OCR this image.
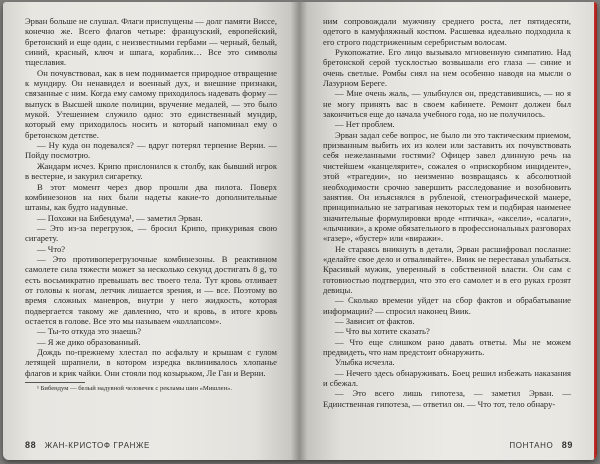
Эрван больше не слушал. Флаги приспущены — долг памяти Виссе, конечно же. Всего флагов четыре: французский, европейский, бретонский и еще один, с неизвестными гербами — черный, белый, синий, красный, ключ и шпага, кораблик… Все это символы тщеславия.

Он почувствовал, как в нем поднимается природное отвращение к мундиру. Он ненавидел и военный дух, и внешние признаки, связанные с ним. Когда ему самому приходилось надевать форму — выпуск в Высшей школе полиции, вручение медалей, — это было мукой. Утешением служило одно: это единственный мундир, который ему приходилось носить и который напоминал ему о бретонском детстве.

— Ну куда он подевался? — вдруг потерял терпение Верни. — Пойду посмотрю.

Жандарм исчез. Крипо прислонился к столбу, как бывший игрок в вестерне, и закурил сигаретку.

В этот момент через двор прошли два пилота. Поверх комбинезонов на них были надеты какие-то дополнительные штаны, как будто надувные.

— Похожи на Бибендума¹, — заметил Эрван.

— Это из-за перегрузок, — бросил Крипо, прикуривая свою сигарету.

— Что?

— Это противоперегрузочные комбинезоны. В реактивном самолете сила тяжести может за несколько секунд достигать 8 g, то есть восьмикратно превышать вес твоего тела. Тут кровь отливает от головы к ногам, летчик лишается зрения, и — все. Поэтому во время сложных маневров, внутри у него жидкость, которая подвергается такому же давлению, что и кровь, в итоге кровь остается в голове. Все это мы называем «коллапсом».

— Ты-то откуда это знаешь?

— Я же дико образованный.

Дождь по-прежнему хлестал по асфальту и крышам с гулом летящей шрапнели, в котором изредка вклинивалось хлопанье флагов и крик чайки. Они стояли под козырьком, Ле Ган и Верни.

¹ Бибендум — белый надувной человечек с рекламы шин «Мишлен».

88 ЖАН-КРИСТОФ ГРАНЖЕ

ним сопровождали мужчину среднего роста, лет пятидесяти, одетого в камуфляжный костюм. Расшевка идеально подходила к его строго подстриженным серебристым волосам.

Рукопожатие. Его лицо вызывало мгновенную симпатию. Над бретонской серой тусклостью возвышали его глаза — синие и очень светлые. Ромбы сиял на нем особенно наводя на мысли о Лазурном Береге.

— Мне очень жаль, — улыбнулся он, представившись, — но я не могу принять вас в своем кабинете. Ремонт должен был закончиться еще до начала учебного года, но не получилось.

— Нет проблем.

Эрван задал себе вопрос, не было ли это тактическим приемом, призванным выбить их из колеи или заставить их почувствовать себя нежеланными гостями? Офицер завел длинную речь на чистейшем «канцелярите», сожалея о «прискорбном инциденте», этой «трагедии», но неизменно возвращаясь к абсолютной необходимости срочно завершить расследование и возобновить занятия. Он изъяснялся в рубленой, стенографической манере, принципиально не затрагивая некоторых тем и подбирая наименее значительные формулировки вроде «птичка», «аксели», «салаги», «лычники», а кроме обязательного в профессиональных разговорах «газер», «бустер» или «виражи».

Не стараясь вникнуть в детали, Эрван расшифровал послание: «делайте свое дело и отваливайте». Виик не переставал улыбаться. Красивый мужик, уверенный в собственной власти. Он сам с готовностью подтвердил, что это его самолет и в его руках грозят девицы.

— Сколько времени уйдет на сбор фактов и обрабатывание информации? — спросил наконец Виик.

— Зависит от фактов.

— Что вы хотите сказать?

— Что еще слишком рано давать ответы. Мы не можем предвидеть, что нам предстоит обнаружить.

Улыбка исчезла.

— Нечего здесь обнаруживать. Боец решил избежать наказания и сбежал.

— Это всего лишь гипотеза, — заметил Эрван. — Единственная гипотеза, — ответил он. — Что тот, тело обнару-

ПОНТАНО 89
